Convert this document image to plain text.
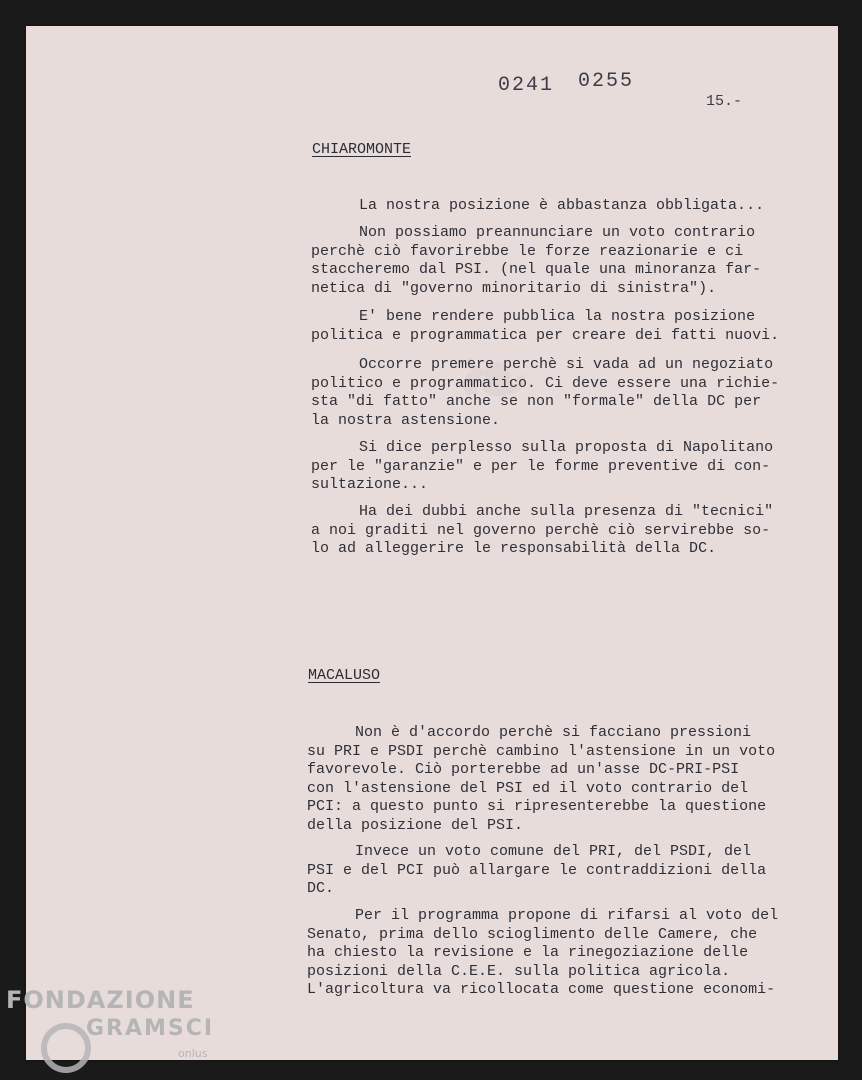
❧
0241 0255
15.-
CHIAROMONTE
La nostra posizione è abbastanza obbligata...
Non possiamo preannunciare un voto contrario
perchè ciò favorirebbe le forze reazionarie e ci
staccheremo dal PSI. (nel quale una minoranza far-
netica di "governo minoritario di sinistra").
E' bene rendere pubblica la nostra posizione
politica e programmatica per creare dei fatti nuovi.
Occorre premere perchè si vada ad un negoziato
politico e programmatico. Ci deve essere una richie-
sta "di fatto" anche se non "formale" della DC per
la nostra astensione.
Si dice perplesso sulla proposta di Napolitano
per le "garanzie" e per le forme preventive di con-
sultazione...
Ha dei dubbi anche sulla presenza di "tecnici"
a noi graditi nel governo perchè ciò servirebbe so-
lo ad alleggerire le responsabilità della DC.
MACALUSO
Non è d'accordo perchè si facciano pressioni
su PRI e PSDI perchè cambino l'astensione in un voto
favorevole. Ciò porterebbe ad un'asse DC-PRI-PSI
con l'astensione del PSI ed il voto contrario del
PCI: a questo punto si ripresenterebbe la questione
della posizione del PSI.
Invece un voto comune del PRI, del PSDI, del
PSI e del PCI può allargare le contraddizioni della
DC.
Per il programma propone di rifarsi al voto del
Senato, prima dello scioglimento delle Camere, che
ha chiesto la revisione e la rinegoziazione delle
posizioni della C.E.E. sulla politica agricola.
L'agricoltura va ricollocata come questione economi-
FONDAZIONE
GRAMSCI
onlus
